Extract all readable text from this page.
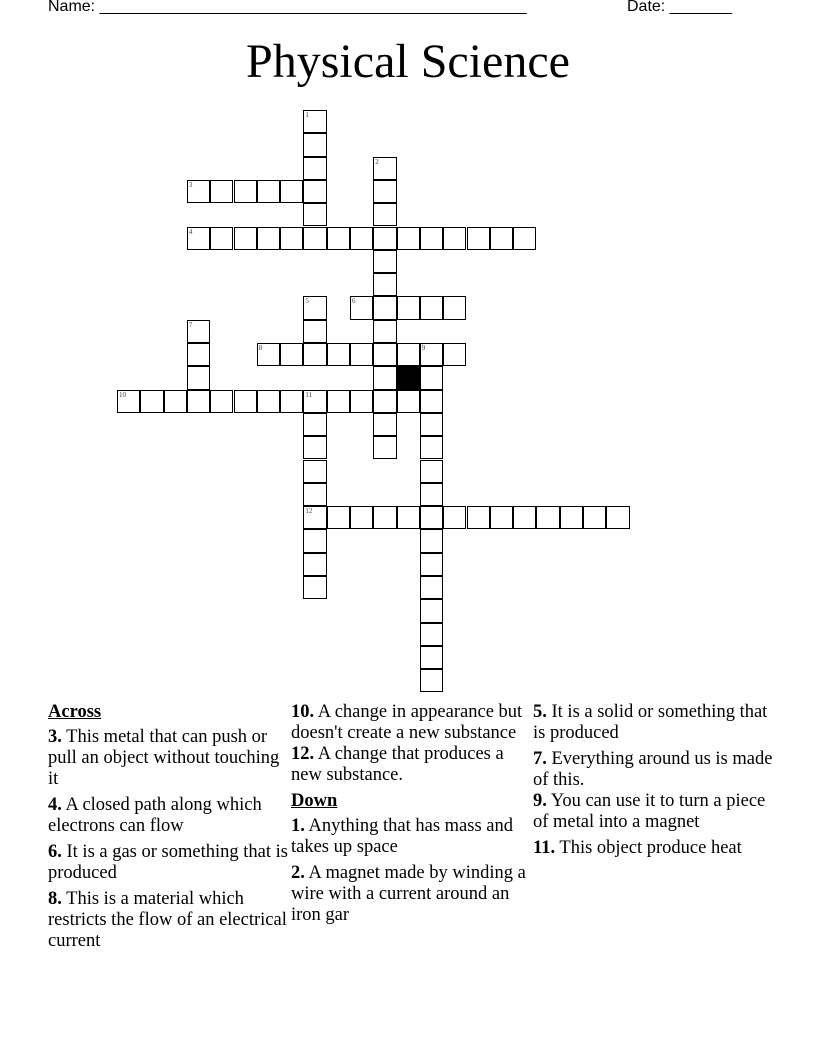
Name: ________________________________________________	Date: _______
Physical Science
1
2
3
4
5	6
7
8	9
10	11
12
Across
3. This metal that can push or pull an object without touching it
4. A closed path along which electrons can flow
6. It is a gas or something that is produced
8. This is a material which restricts the flow of an electrical current
10. A change in appearance but doesn't create a new substance
12. A change that produces a new substance.
Down
1. Anything that has mass and takes up space
2. A magnet made by winding a wire with a current around an iron gar
5. It is a solid or something that is produced
7. Everything around us is made of this.
9. You can use it to turn a piece of metal into a magnet
11. This object produce heat
